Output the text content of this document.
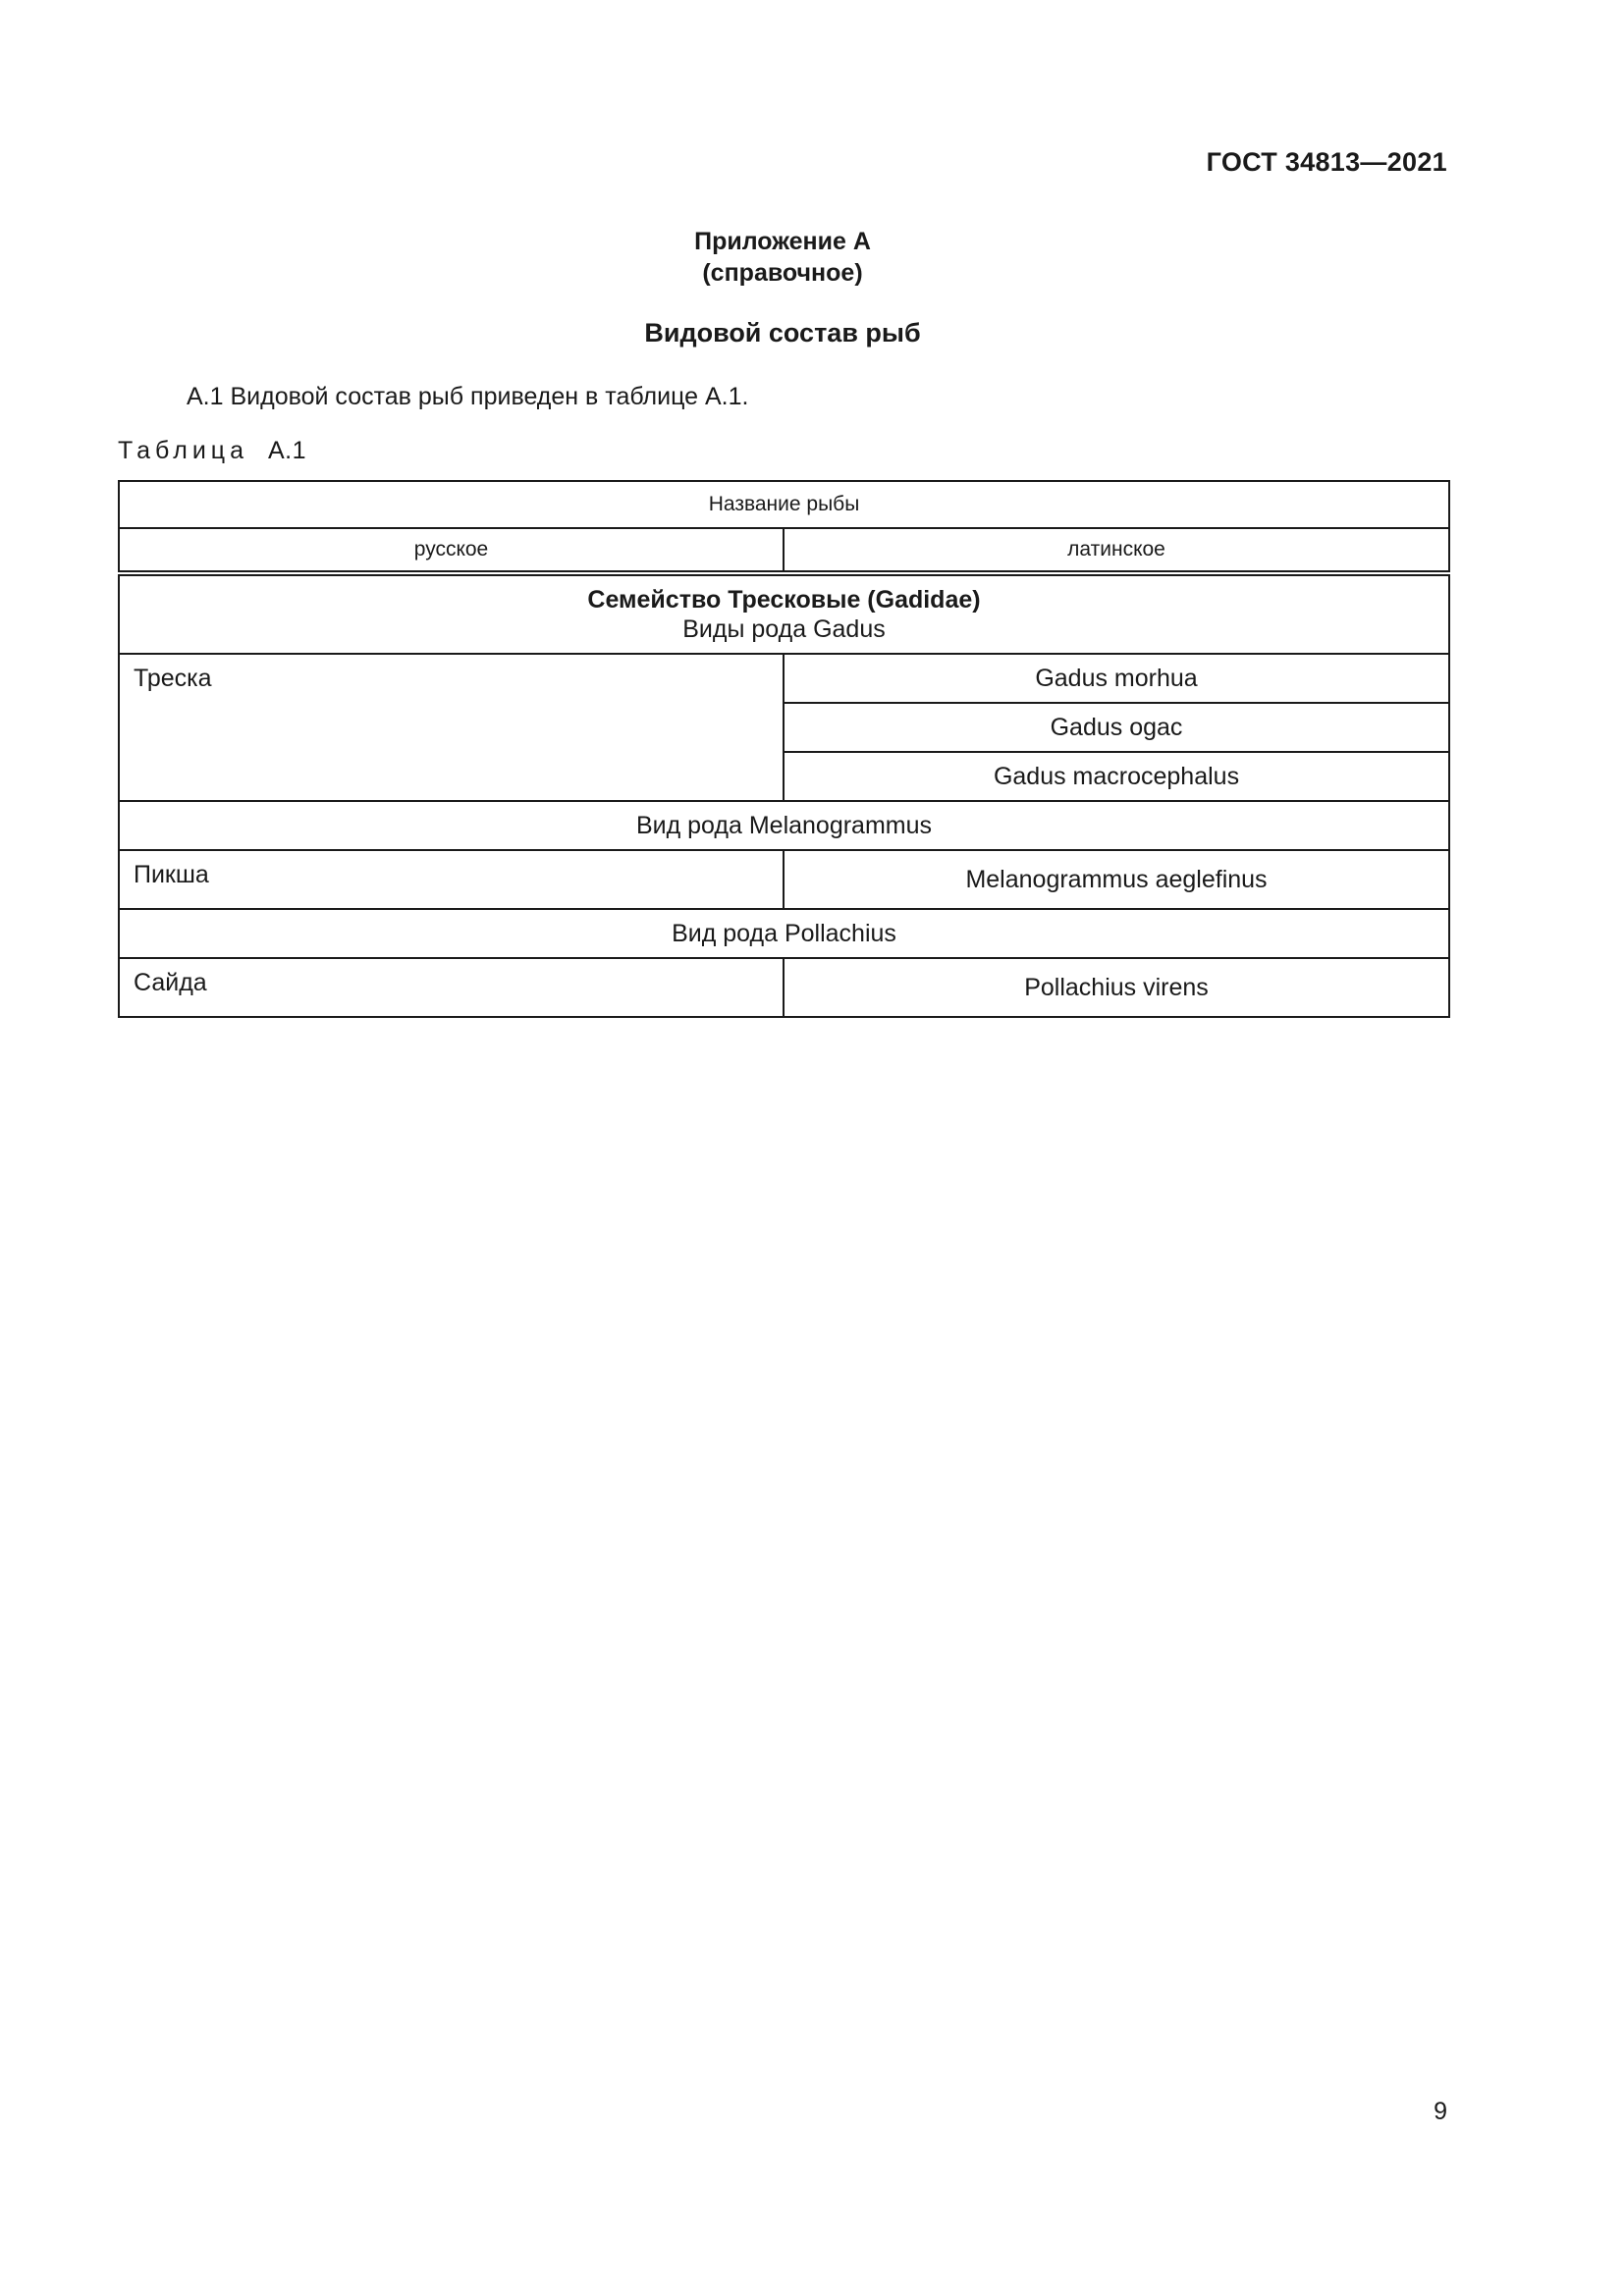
ГОСТ 34813—2021
Приложение А
(справочное)
Видовой состав рыб
А.1 Видовой состав рыб приведен в таблице А.1.
Таблица А.1
Название рыбы	
русское	латинское

Семейство Тресковые (Gadidae)
Виды рода Gadus	

Треска	Gadus morhua
	Gadus ogac
	Gadus macrocephalus
Вид рода Melanogrammus	
Пикша	Melanogrammus aeglefinus
Вид рода Pollachius	
Сайда	Pollachius virens
9
